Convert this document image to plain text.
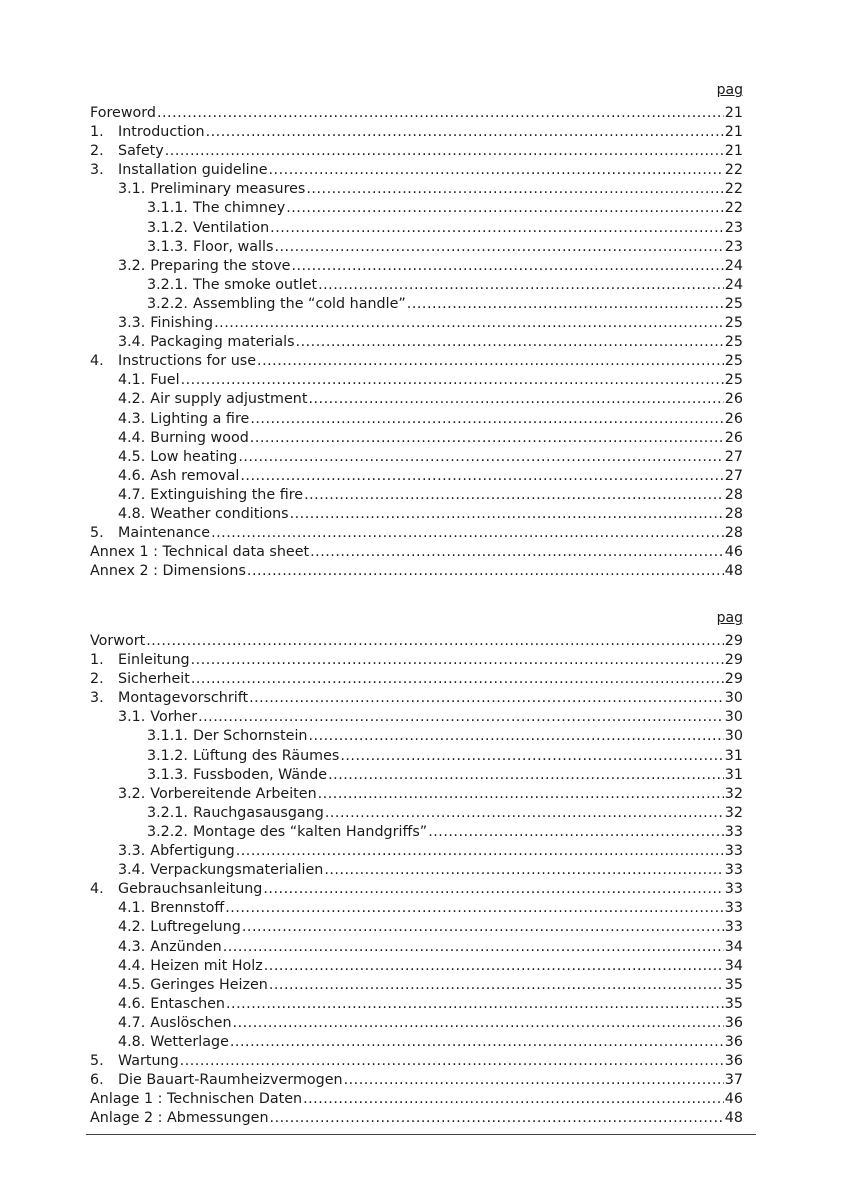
pag
Foreword .....	21
1.	Introduction .....	21
2.	Safety .....	21
3.	Installation guideline .....	22
3.1. Preliminary measures .....	22
3.1.1. The chimney .....	22
3.1.2. Ventilation .....	23
3.1.3. Floor, walls .....	23
3.2. Preparing the stove .....	24
3.2.1. The smoke outlet .....	24
3.2.2. Assembling the “cold handle” .....	25
3.3. Finishing .....	25
3.4. Packaging materials .....	25
4.	Instructions for use .....	25
4.1. Fuel .....	25
4.2. Air supply adjustment .....	26
4.3. Lighting a fire .....	26
4.4. Burning wood .....	26
4.5. Low heating .....	27
4.6. Ash removal .....	27
4.7. Extinguishing the fire .....	28
4.8. Weather conditions .....	28
5.	Maintenance .....	28
Annex 1 : Technical data sheet .....	46
Annex 2 : Dimensions .....	48
pag
Vorwort .....	29
1.	Einleitung .....	29
2.	Sicherheit .....	29
3.	Montagevorschrift .....	30
3.1. Vorher .....	30
3.1.1. Der Schornstein .....	30
3.1.2. Lüftung des Räumes .....	31
3.1.3. Fussboden, Wände .....	31
3.2. Vorbereitende Arbeiten .....	32
3.2.1. Rauchgasausgang .....	32
3.2.2. Montage des “kalten Handgriffs” .....	33
3.3. Abfertigung .....	33
3.4. Verpackungsmaterialien .....	33
4.	Gebrauchsanleitung .....	33
4.1. Brennstoff .....	33
4.2. Luftregelung .....	33
4.3. Anzünden .....	34
4.4. Heizen mit Holz .....	34
4.5. Geringes Heizen .....	35
4.6. Entaschen .....	35
4.7. Auslöschen .....	36
4.8. Wetterlage .....	36
5.	Wartung .....	36
6.	Die Bauart-Raumheizvermogen .....	37
Anlage 1 : Technischen Daten .....	46
Anlage 2 : Abmessungen .....	48
